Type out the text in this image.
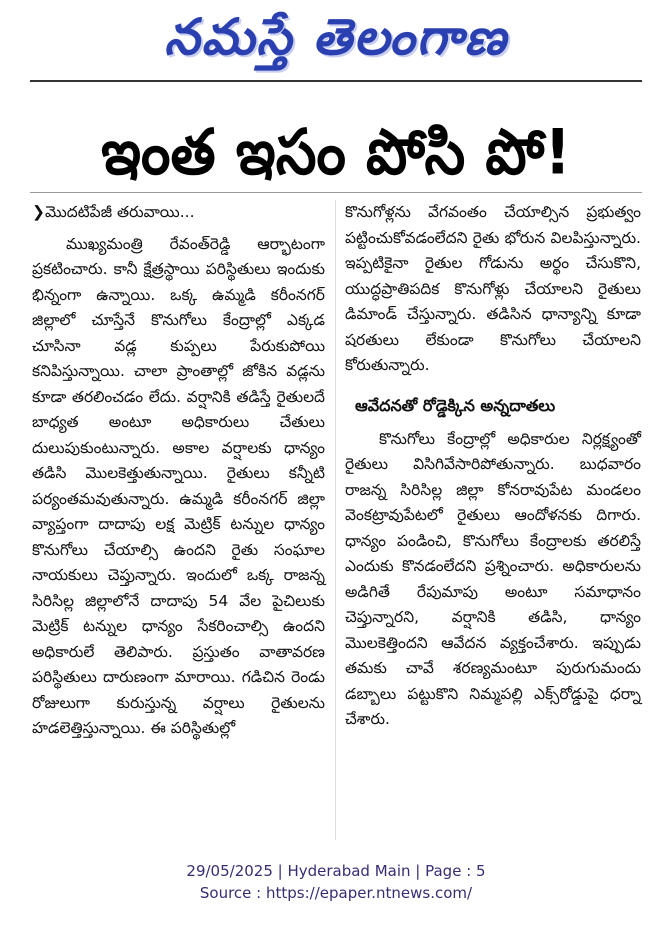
నమస్తే తెలంగాణ
ఇంత ఇసం పోసి పో!
❯మొదటిపేజీ తరువాయి...

ముఖ్యమంత్రి రేవంత్‌రెడ్డి ఆర్భాటంగా ప్రకటించారు. కానీ క్షేత్రస్థాయి పరిస్థితులు ఇందుకు భిన్నంగా ఉన్నాయి. ఒక్క ఉమ్మడి కరీంనగర్ జిల్లాలో చూస్తేనే కొనుగోలు కేంద్రాల్లో ఎక్కడ చూసినా వడ్ల కుప్పలు పేరుకుపోయి కనిపిస్తున్నాయి. చాలా ప్రాంతాల్లో జోకిన వడ్లను కూడా తరలించడం లేదు. వర్షానికి తడిస్తే రైతులదే బాధ్యత అంటూ అధికారులు చేతులు దులుపుకుంటున్నారు. అకాల వర్షాలకు ధాన్యం తడిసి మొలకెత్తుతున్నాయి. రైతులు కన్నీటి పర్యంతమవుతున్నారు. ఉమ్మడి కరీంనగర్ జిల్లా వ్యాప్తంగా దాదాపు లక్ష మెట్రిక్ టన్నుల ధాన్యం కొనుగోలు చేయాల్సి ఉందని రైతు సంఘాల నాయకులు చెప్తున్నారు. ఇందులో ఒక్క రాజన్న సిరిసిల్ల జిల్లాలోనే దాదాపు 54 వేల పైచిలుకు మెట్రిక్ టన్నుల ధాన్యం సేకరించాల్సి ఉందని అధికారులే తెలిపారు. ప్రస్తుతం వాతావరణ పరిస్థితులు దారుణంగా మారాయి. గడిచిన రెండు రోజులుగా కురుస్తున్న వర్షాలు రైతులను హడలెత్తిస్తున్నాయి. ఈ పరిస్థితుల్లో

కొనుగోళ్లను వేగవంతం చేయాల్సిన ప్రభుత్వం పట్టించుకోవడంలేదని రైతు భోరున విలపిస్తున్నారు. ఇప్పటికైనా రైతుల గోడును అర్థం చేసుకొని, యుద్ధప్రాతిపదిక కొనుగోళ్లు చేయాలని రైతులు డిమాండ్ చేస్తున్నారు. తడిసిన ధాన్యాన్ని కూడా షరతులు లేకుండా కొనుగోలు చేయాలని కోరుతున్నారు.

ఆవేదనతో రోడ్డెక్కిన అన్నదాతలు

కొనుగోలు కేంద్రాల్లో అధికారుల నిర్లక్ష్యంతో రైతులు విసిగివేసారిపోతున్నారు. బుధవారం రాజన్న సిరిసిల్ల జిల్లా కోనరావుపేట మండలం వెంకట్రావుపేటలో రైతులు ఆందోళనకు దిగారు. ధాన్యం పండించి, కొనుగోలు కేంద్రాలకు తరలిస్తే ఎందుకు కొనడంలేదని ప్రశ్నించారు. అధికారులను అడిగితే రేపుమాపు అంటూ సమాధానం చెప్తున్నారని, వర్షానికి తడిసి, ధాన్యం మొలకెత్తిందని ఆవేదన వ్యక్తంచేశారు. ఇప్పుడు తమకు చావే శరణ్యమంటూ పురుగుమందు డబ్బాలు పట్టుకొని నిమ్మపల్లి ఎక్స్‌రోడ్డుపై ధర్నా చేశారు.

29/05/2025 | Hyderabad Main | Page : 5
Source : https://epaper.ntnews.com/
